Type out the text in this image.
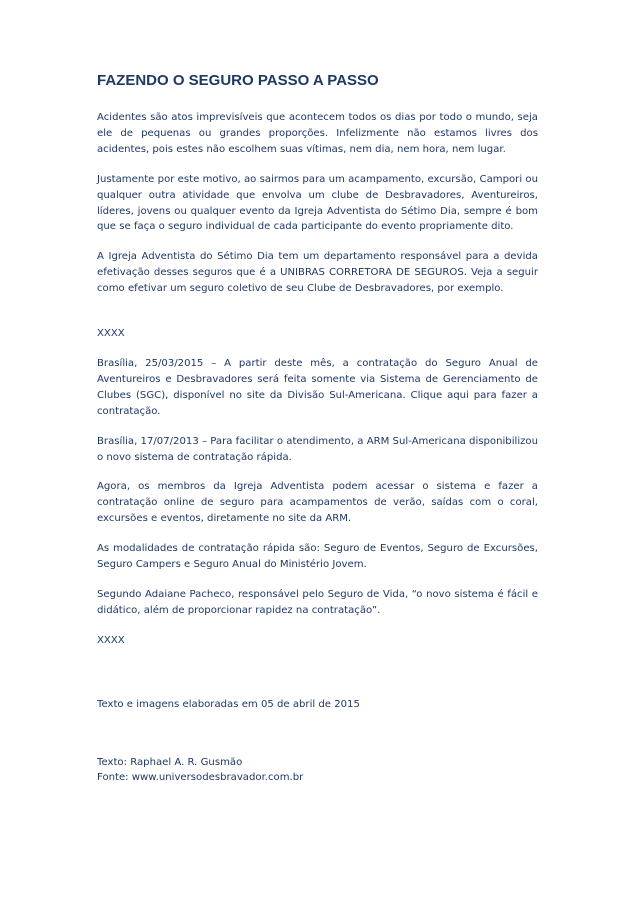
FAZENDO O SEGURO PASSO A PASSO

Acidentes são atos imprevisíveis que acontecem todos os dias por todo o mundo, seja ele de pequenas ou grandes proporções. Infelizmente não estamos livres dos acidentes, pois estes não escolhem suas vítimas, nem dia, nem hora, nem lugar.

Justamente por este motivo, ao sairmos para um acampamento, excursão, Campori ou qualquer outra atividade que envolva um clube de Desbravadores, Aventureiros, líderes, jovens ou qualquer evento da Igreja Adventista do Sétimo Dia, sempre é bom que se faça o seguro individual de cada participante do evento propriamente dito.

A Igreja Adventista do Sétimo Dia tem um departamento responsável para a devida efetivação desses seguros que é a UNIBRAS CORRETORA DE SEGUROS. Veja a seguir como efetivar um seguro coletivo de seu Clube de Desbravadores, por exemplo.

XXXX

Brasília, 25/03/2015 – A partir deste mês, a contratação do Seguro Anual de Aventureiros e Desbravadores será feita somente via Sistema de Gerenciamento de Clubes (SGC), disponível no site da Divisão Sul-Americana. Clique aqui para fazer a contratação.

Brasília, 17/07/2013 – Para facilitar o atendimento, a ARM Sul-Americana disponibilizou o novo sistema de contratação rápida.

Agora, os membros da Igreja Adventista podem acessar o sistema e fazer a contratação online de seguro para acampamentos de verão, saídas com o coral, excursões e eventos, diretamente no site da ARM.

As modalidades de contratação rápida são: Seguro de Eventos, Seguro de Excursões, Seguro Campers e Seguro Anual do Ministério Jovem.

Segundo Adaiane Pacheco, responsável pelo Seguro de Vida, “o novo sistema é fácil e didático, além de proporcionar rapidez na contratação”.

XXXX

Texto e imagens elaboradas em 05 de abril de 2015

Texto: Raphael A. R. Gusmão

Fonte: www.universodesbravador.com.br
